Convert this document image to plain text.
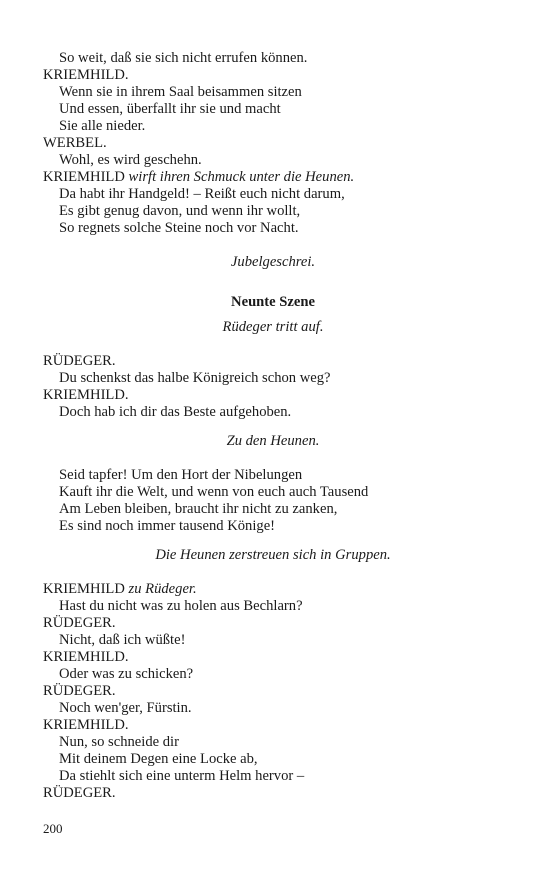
So weit, daß sie sich nicht errufen können.
KRIEMHILD.
Wenn sie in ihrem Saal beisammen sitzen
Und essen, überfallt ihr sie und macht
Sie alle nieder.
WERBEL.
Wohl, es wird geschehn.
KRIEMHILD wirft ihren Schmuck unter die Heunen.
Da habt ihr Handgeld! – Reißt euch nicht darum,
Es gibt genug davon, und wenn ihr wollt,
So regnets solche Steine noch vor Nacht.
Jubelgeschrei.
Neunte Szene
Rüdeger tritt auf.
RÜDEGER.
Du schenkst das halbe Königreich schon weg?
KRIEMHILD.
Doch hab ich dir das Beste aufgehoben.
Zu den Heunen.
Seid tapfer! Um den Hort der Nibelungen
Kauft ihr die Welt, und wenn von euch auch Tausend
Am Leben bleiben, braucht ihr nicht zu zanken,
Es sind noch immer tausend Könige!
Die Heunen zerstreuen sich in Gruppen.
KRIEMHILD zu Rüdeger.
Hast du nicht was zu holen aus Bechlarn?
RÜDEGER.
Nicht, daß ich wüßte!
KRIEMHILD.
Oder was zu schicken?
RÜDEGER.
Noch wen'ger, Fürstin.
KRIEMHILD.
Nun, so schneide dir
Mit deinem Degen eine Locke ab,
Da stiehlt sich eine unterm Helm hervor –
RÜDEGER.
200
